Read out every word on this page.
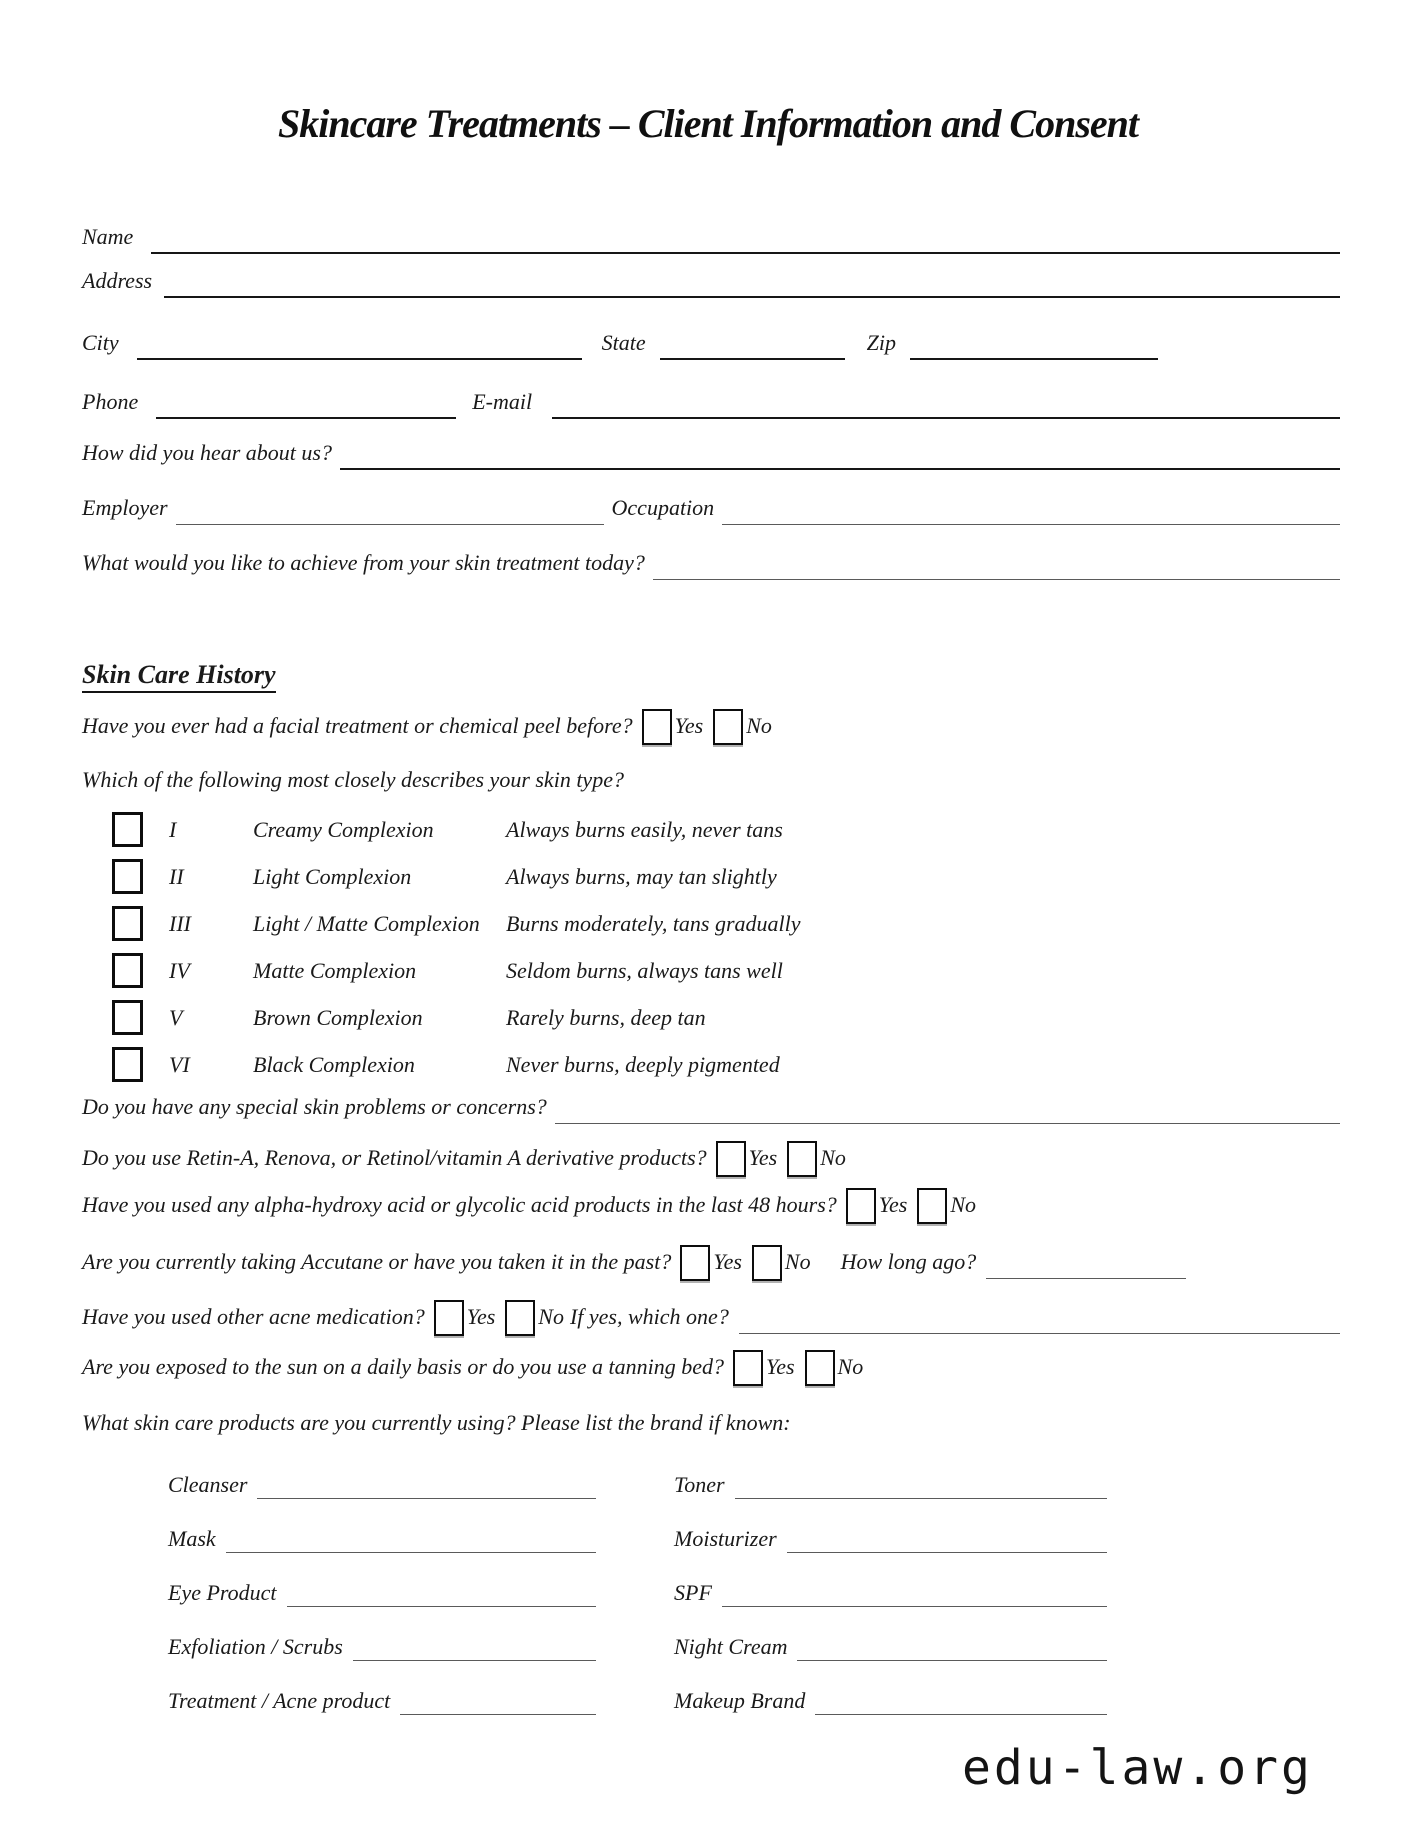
Skincare Treatments – Client Information and Consent
Name
Address
City	State	Zip
Phone	E-mail
How did you hear about us?
Employer	Occupation
What would you like to achieve from your skin treatment today?
Skin Care History
Have you ever had a facial treatment or chemical peel before? Yes No
Which of the following most closely describes your skin type?
I	Creamy Complexion	Always burns easily, never tans
II	Light Complexion	Always burns, may tan slightly
III	Light / Matte Complexion	Burns moderately, tans gradually
IV	Matte Complexion	Seldom burns, always tans well
V	Brown Complexion	Rarely burns, deep tan
VI	Black Complexion	Never burns, deeply pigmented
Do you have any special skin problems or concerns?
Do you use Retin-A, Renova, or Retinol/vitamin A derivative products? Yes No
Have you used any alpha-hydroxy acid or glycolic acid products in the last 48 hours? Yes No
Are you currently taking Accutane or have you taken it in the past? Yes No How long ago?
Have you used other acne medication? Yes No If yes, which one?
Are you exposed to the sun on a daily basis or do you use a tanning bed? Yes No
What skin care products are you currently using? Please list the brand if known:
Cleanser	Toner
Mask	Moisturizer
Eye Product	SPF
Exfoliation / Scrubs	Night Cream
Treatment / Acne product	Makeup Brand
edu-law.org
